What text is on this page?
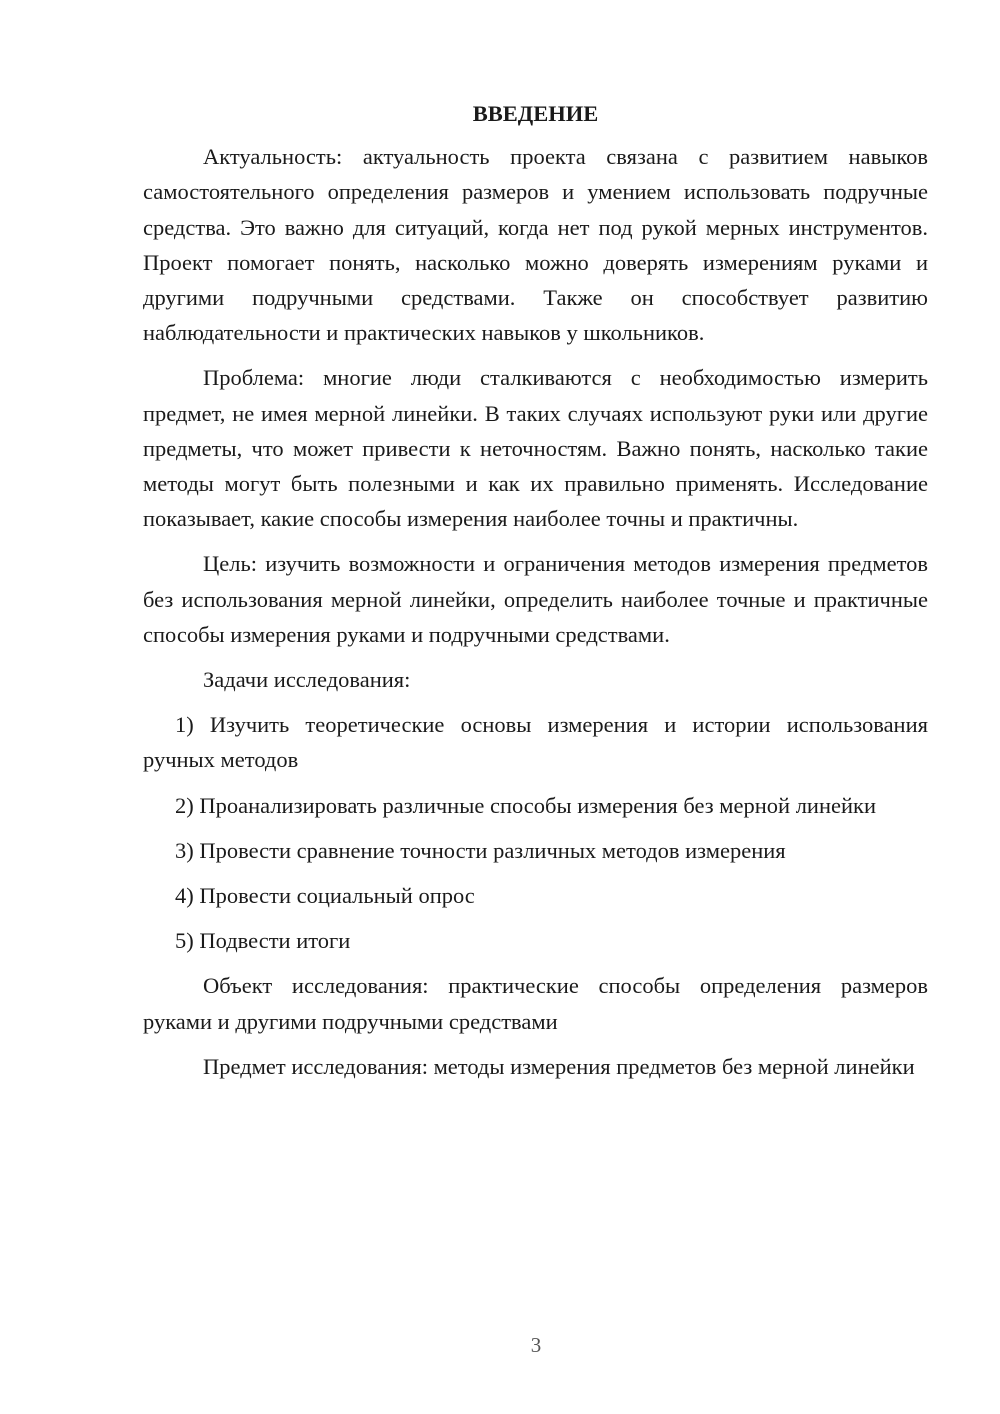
ВВЕДЕНИЕ

Актуальность: актуальность проекта связана с развитием навыков самостоятельного определения размеров и умением использовать подручные средства. Это важно для ситуаций, когда нет под рукой мерных инструментов. Проект помогает понять, насколько можно доверять измерениям руками и другими подручными средствами. Также он способствует развитию наблюдательности и практических навыков у школьников.

Проблема: многие люди сталкиваются с необходимостью измерить предмет, не имея мерной линейки. В таких случаях используют руки или другие предметы, что может привести к неточностям. Важно понять, насколько такие методы могут быть полезными и как их правильно применять. Исследование показывает, какие способы измерения наиболее точны и практичны.

Цель: изучить возможности и ограничения методов измерения предметов без использования мерной линейки, определить наиболее точные и практичные способы измерения руками и подручными средствами.

Задачи исследования:

1) Изучить теоретические основы измерения и истории использования ручных методов

2) Проанализировать различные способы измерения без мерной линейки

3) Провести сравнение точности различных методов измерения

4) Провести социальный опрос

5) Подвести итоги

Объект исследования: практические способы определения размеров руками и другими подручными средствами

Предмет исследования: методы измерения предметов без мерной линейки

3
